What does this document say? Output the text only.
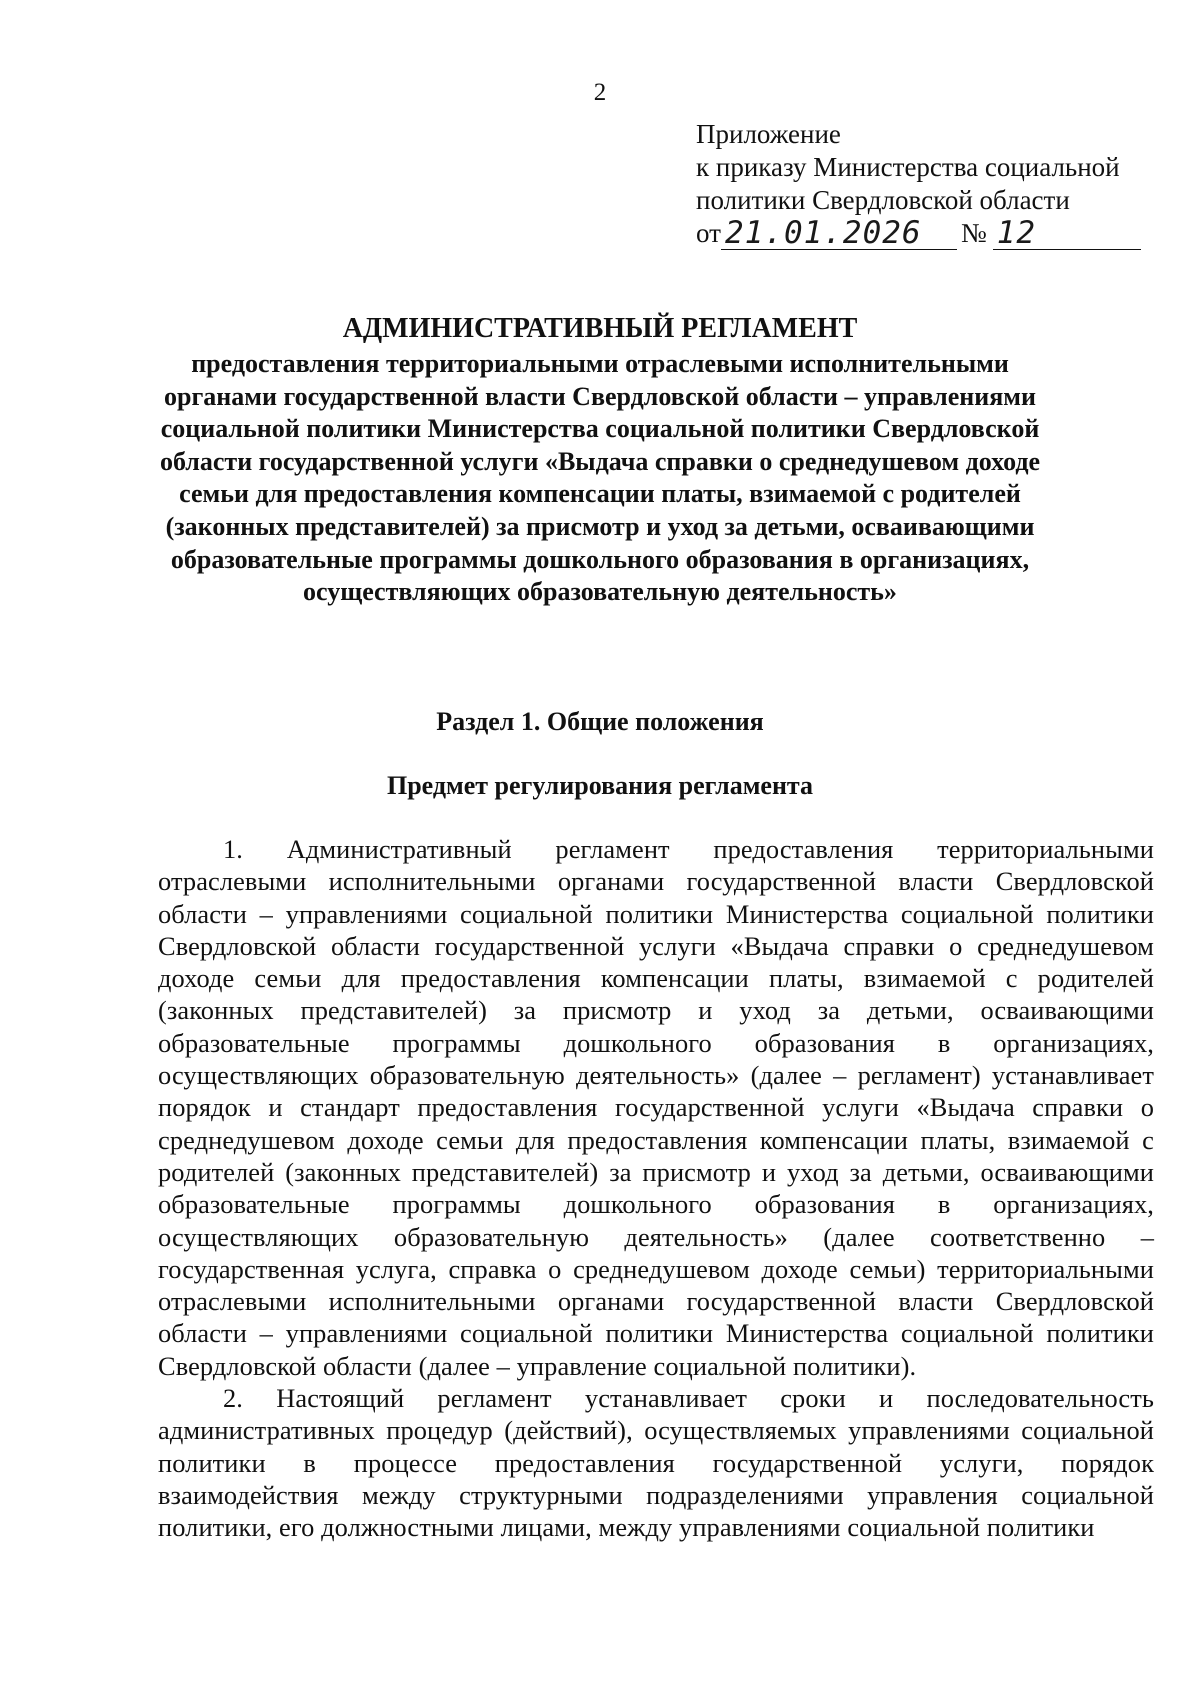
2
Приложение
к приказу Министерства социальной
политики Свердловской области
от 21.01.2026	№ 12
АДМИНИСТРАТИВНЫЙ РЕГЛАМЕНТ
предоставления территориальными отраслевыми исполнительными органами государственной власти Свердловской области – управлениями социальной политики Министерства социальной политики Свердловской области государственной услуги «Выдача справки о среднедушевом доходе семьи для предоставления компенсации платы, взимаемой с родителей (законных представителей) за присмотр и уход за детьми, осваивающими образовательные программы дошкольного образования в организациях, осуществляющих образовательную деятельность»
Раздел 1. Общие положения
Предмет регулирования регламента

1. Административный регламент предоставления территориальными отраслевыми исполнительными органами государственной власти Свердловской области – управлениями социальной политики Министерства социальной политики Свердловской области государственной услуги «Выдача справки о среднедушевом доходе семьи для предоставления компенсации платы, взимаемой с родителей (законных представителей) за присмотр и уход за детьми, осваивающими образовательные программы дошкольного образования в организациях, осуществляющих образовательную деятельность» (далее – регламент) устанавливает порядок и стандарт предоставления государственной услуги «Выдача справки о среднедушевом доходе семьи для предоставления компенсации платы, взимаемой с родителей (законных представителей) за присмотр и уход за детьми, осваивающими образовательные программы дошкольного образования в организациях, осуществляющих образовательную деятельность» (далее соответственно – государственная услуга, справка о среднедушевом доходе семьи) территориальными отраслевыми исполнительными органами государственной власти Свердловской области – управлениями социальной политики Министерства социальной политики Свердловской области (далее – управление социальной политики).

2. Настоящий регламент устанавливает сроки и последовательность административных процедур (действий), осуществляемых управлениями социальной политики в процессе предоставления государственной услуги, порядок взаимодействия между структурными подразделениями управления социальной политики, его должностными лицами, между управлениями социальной политики
